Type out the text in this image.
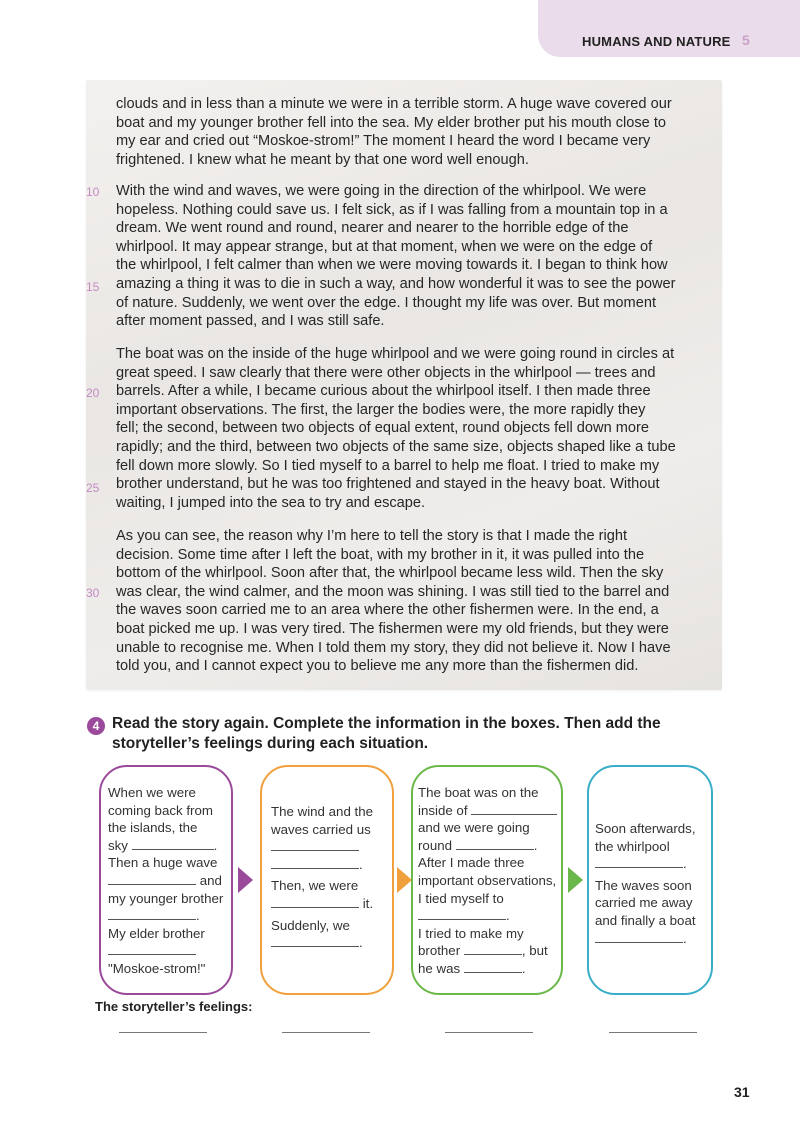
HUMANS AND NATURE 5

clouds and in less than a minute we were in a terrible storm. A huge wave covered our
boat and my younger brother fell into the sea. My elder brother put his mouth close to
my ear and cried out “Moskoe-strom!” The moment I heard the word I became very
frightened. I knew what he meant by that one word well enough.

With the wind and waves, we were going in the direction of the whirlpool. We were
hopeless. Nothing could save us. I felt sick, as if I was falling from a mountain top in a
dream. We went round and round, nearer and nearer to the horrible edge of the
whirlpool. It may appear strange, but at that moment, when we were on the edge of
the whirlpool, I felt calmer than when we were moving towards it. I began to think how
amazing a thing it was to die in such a way, and how wonderful it was to see the power
of nature. Suddenly, we went over the edge. I thought my life was over. But moment
after moment passed, and I was still safe.

The boat was on the inside of the huge whirlpool and we were going round in circles at
great speed. I saw clearly that there were other objects in the whirlpool — trees and
barrels. After a while, I became curious about the whirlpool itself. I then made three
important observations. The first, the larger the bodies were, the more rapidly they
fell; the second, between two objects of equal extent, round objects fell down more
rapidly; and the third, between two objects of the same size, objects shaped like a tube
fell down more slowly. So I tied myself to a barrel to help me float. I tried to make my
brother understand, but he was too frightened and stayed in the heavy boat. Without
waiting, I jumped into the sea to try and escape.

As you can see, the reason why I’m here to tell the story is that I made the right
decision. Some time after I left the boat, with my brother in it, it was pulled into the
bottom of the whirlpool. Soon after that, the whirlpool became less wild. Then the sky
was clear, the wind calmer, and the moon was shining. I was still tied to the barrel and
the waves soon carried me to an area where the other fishermen were. In the end, a
boat picked me up. I was very tired. The fishermen were my old friends, but they were
unable to recognise me. When I told them my story, they did not believe it. Now I have
told you, and I cannot expect you to believe me any more than the fishermen did.

10
15
20
25
30
4 Read the story again. Complete the information in the boxes. Then add the
storyteller’s feelings during each situation.
When we were
coming back from
the islands, the
sky	.
Then a huge wave
and
my younger brother
.
My elder brother
"Moskoe-strom!"
The wind and the
waves carried us
.
Then, we were
it.
Suddenly, we
.
The boat was on the
inside of
and we were going
round	.
After I made three
important observations,
I tied myself to
.
I tried to make my
brother	, but
he was	.
Soon afterwards,
the whirlpool
.
The waves soon
carried me away
and finally a boat
.
The storyteller’s feelings:
31
